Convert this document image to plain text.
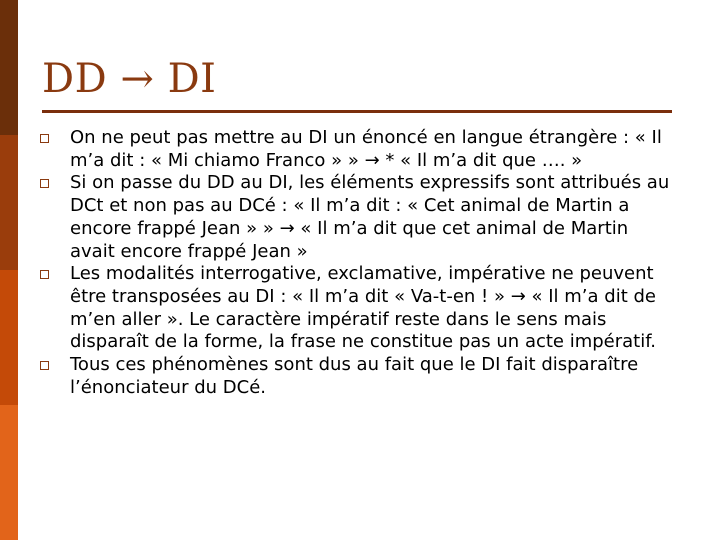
DD → DI
On ne peut pas mettre au DI un énoncé en langue étrangère : « Il m’a dit : « Mi chiamo Franco » » → * « Il m’a dit que …. »
Si on passe du DD au DI, les éléments expressifs sont attribués au DCt et non pas au DCé : « Il m’a dit : « Cet animal de Martin a encore frappé Jean » » → « Il m’a dit que cet animal de Martin avait encore frappé Jean »
Les modalités interrogative, exclamative, impérative ne peuvent être transposées au DI : « Il m’a dit « Va-t-en ! » → « Il m’a dit de m’en aller ». Le caractère impératif reste dans le sens mais disparaît de la forme, la frase ne constitue pas un acte impératif.
Tous ces phénomènes sont dus au fait que le DI fait disparaître l’énonciateur du DCé.
